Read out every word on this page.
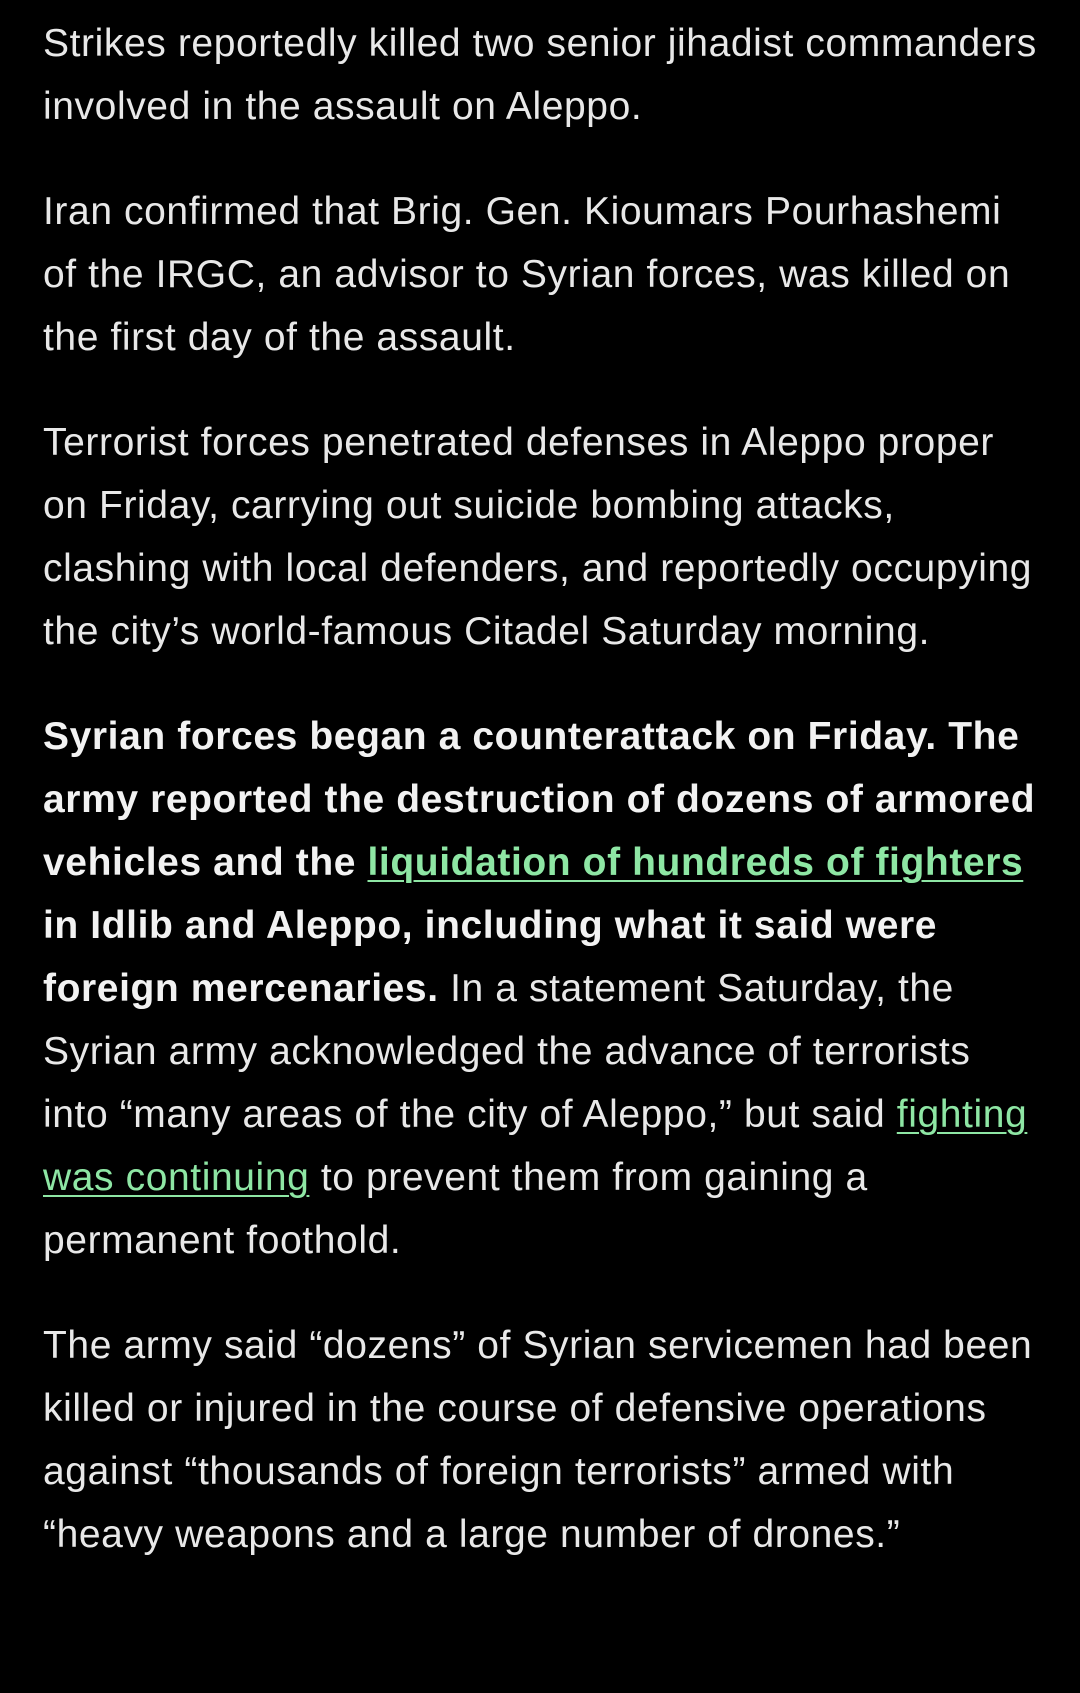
Strikes reportedly killed two senior jihadist commanders involved in the assault on Aleppo.

Iran confirmed that Brig. Gen. Kioumars Pourhashemi of the IRGC, an advisor to Syrian forces, was killed on the first day of the assault.

Terrorist forces penetrated defenses in Aleppo proper on Friday, carrying out suicide bombing attacks, clashing with local defenders, and reportedly occupying the city’s world-famous Citadel Saturday morning.

Syrian forces began a counterattack on Friday. The army reported the destruction of dozens of armored vehicles and the liquidation of hundreds of fighters in Idlib and Aleppo, including what it said were foreign mercenaries. In a statement Saturday, the Syrian army acknowledged the advance of terrorists into “many areas of the city of Aleppo,” but said fighting was continuing to prevent them from gaining a permanent foothold.

The army said “dozens” of Syrian servicemen had been killed or injured in the course of defensive operations against “thousands of foreign terrorists” armed with “heavy weapons and a large number of drones.”
